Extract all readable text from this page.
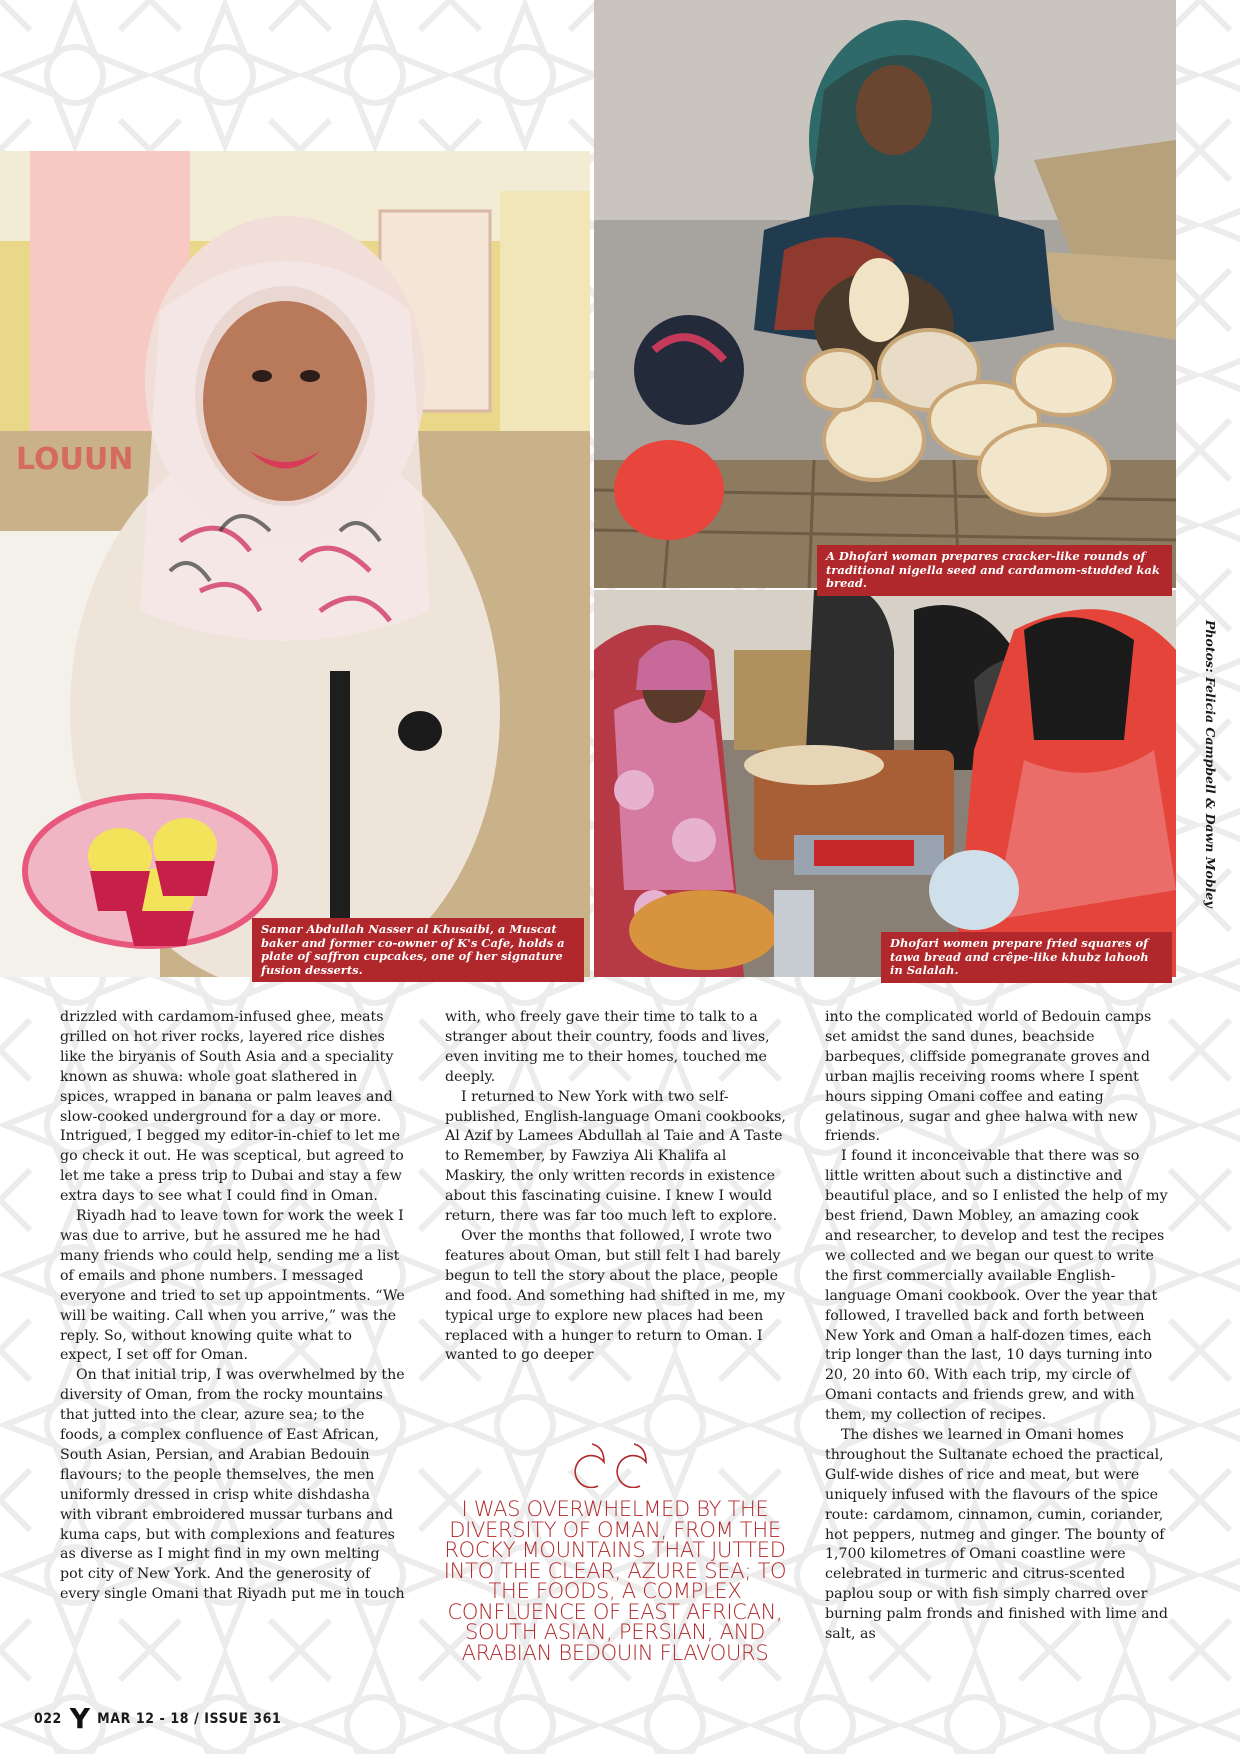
LOUUN
Samar Abdullah Nasser al Khusaibi, a Muscat baker and former co-owner of K's Cafe, holds a plate of saffron cupcakes, one of her signature fusion desserts.
A Dhofari woman prepares cracker-like rounds of traditional nigella seed and cardamom-studded kak bread.
Dhofari women prepare fried squares of tawa bread and crêpe-like khubz lahooh in Salalah.
Photos: Felicia Campbell & Dawn Mobley

drizzled with cardamom-infused ghee, meats grilled on hot river rocks, layered rice dishes like the biryanis of South Asia and a speciality known as shuwa: whole goat slathered in spices, wrapped in banana or palm leaves and slow-cooked underground for a day or more. Intrigued, I begged my editor-in-chief to let me go check it out. He was sceptical, but agreed to let me take a press trip to Dubai and stay a few extra days to see what I could find in Oman.

Riyadh had to leave town for work the week I was due to arrive, but he assured me he had many friends who could help, sending me a list of emails and phone numbers. I messaged everyone and tried to set up appointments. “We will be waiting. Call when you arrive,” was the reply. So, without knowing quite what to expect, I set off for Oman.

On that initial trip, I was overwhelmed by the diversity of Oman, from the rocky mountains that jutted into the clear, azure sea; to the foods, a complex confluence of East African, South Asian, Persian, and Arabian Bedouin flavours; to the people themselves, the men uniformly dressed in crisp white dishdasha with vibrant embroidered mussar turbans and kuma caps, but with complexions and features as diverse as I might find in my own melting pot city of New York. And the generosity of every single Omani that Riyadh put me in touch

with, who freely gave their time to talk to a stranger about their country, foods and lives, even inviting me to their homes, touched me deeply.

I returned to New York with two self-published, English-language Omani cookbooks, Al Azif by Lamees Abdullah al Taie and A Taste to Remember, by Fawziya Ali Khalifa al Maskiry, the only written records in existence about this fascinating cuisine. I knew I would return, there was far too much left to explore.

Over the months that followed, I wrote two features about Oman, but still felt I had barely begun to tell the story about the place, people and food. And something had shifted in me, my typical urge to explore new places had been replaced with a hunger to return to Oman. I wanted to go deeper

into the complicated world of Bedouin camps set amidst the sand dunes, beachside barbeques, cliffside pomegranate groves and urban majlis receiving rooms where I spent hours sipping Omani coffee and eating gelatinous, sugar and ghee halwa with new friends.

I found it inconceivable that there was so little written about such a distinctive and beautiful place, and so I enlisted the help of my best friend, Dawn Mobley, an amazing cook and researcher, to develop and test the recipes we collected and we began our quest to write the first commercially available English-language Omani cookbook. Over the year that followed, I travelled back and forth between New York and Oman a half-dozen times, each trip longer than the last, 10 days turning into 20, 20 into 60. With each trip, my circle of Omani contacts and friends grew, and with them, my collection of recipes.

The dishes we learned in Omani homes throughout the Sultanate echoed the practical, Gulf-wide dishes of rice and meat, but were uniquely infused with the flavours of the spice route: cardamom, cinnamon, cumin, coriander, hot peppers, nutmeg and ginger. The bounty of 1,700 kilometres of Omani coastline were celebrated in turmeric and citrus-scented paplou soup or with fish simply charred over burning palm fronds and finished with lime and salt, as

I WAS OVERWHELMED BY THE DIVERSITY OF OMAN, FROM THE ROCKY MOUNTAINS THAT JUTTED INTO THE CLEAR, AZURE SEA; TO THE FOODS, A COMPLEX CONFLUENCE OF EAST AFRICAN, SOUTH ASIAN, PERSIAN, AND ARABIAN BEDOUIN FLAVOURS
022 Y MAR 12 - 18 / ISSUE 361
